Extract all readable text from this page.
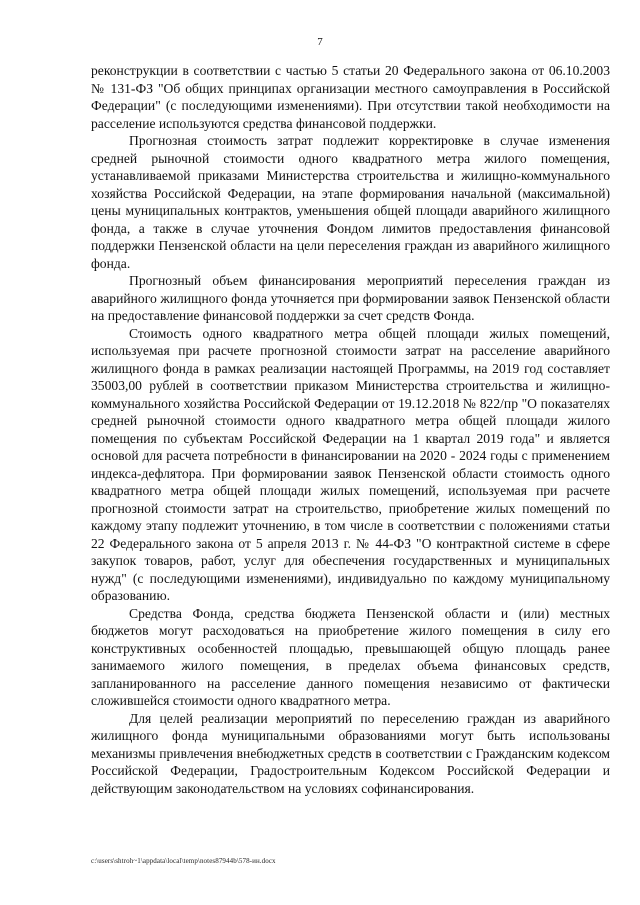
7

реконструкции в соответствии с частью 5 статьи 20 Федерального закона от 06.10.2003 № 131-ФЗ "Об общих принципах организации местного самоуправления в Российской Федерации" (с последующими изменениями). При отсутствии такой необходимости на расселение используются средства финансовой поддержки.

Прогнозная стоимость затрат подлежит корректировке в случае изменения средней рыночной стоимости одного квадратного метра жилого помещения, устанавливаемой приказами Министерства строительства и жилищно-коммунального хозяйства Российской Федерации, на этапе формирования начальной (максимальной) цены муниципальных контрактов, уменьшения общей площади аварийного жилищного фонда, а также в случае уточнения Фондом лимитов предоставления финансовой поддержки Пензенской области на цели переселения граждан из аварийного жилищного фонда.

Прогнозный объем финансирования мероприятий переселения граждан из аварийного жилищного фонда уточняется при формировании заявок Пензенской области на предоставление финансовой поддержки за счет средств Фонда.

Стоимость одного квадратного метра общей площади жилых помещений, используемая при расчете прогнозной стоимости затрат на расселение аварийного жилищного фонда в рамках реализации настоящей Программы, на 2019 год составляет 35003,00 рублей в соответствии приказом Министерства строительства и жилищно-коммунального хозяйства Российской Федерации от 19.12.2018 № 822/пр "О показателях средней рыночной стоимости одного квадратного метра общей площади жилого помещения по субъектам Российской Федерации на 1 квартал 2019 года" и является основой для расчета потребности в финансировании на 2020 - 2024 годы с применением индекса-дефлятора. При формировании заявок Пензенской области стоимость одного квадратного метра общей площади жилых помещений, используемая при расчете прогнозной стоимости затрат на строительство, приобретение жилых помещений по каждому этапу подлежит уточнению, в том числе в соответствии с положениями статьи 22 Федерального закона от 5 апреля 2013 г. № 44-ФЗ "О контрактной системе в сфере закупок товаров, работ, услуг для обеспечения государственных и муниципальных нужд" (с последующими изменениями), индивидуально по каждому муниципальному образованию.

Средства Фонда, средства бюджета Пензенской области и (или) местных бюджетов могут расходоваться на приобретение жилого помещения в силу его конструктивных особенностей площадью, превышающей общую площадь ранее занимаемого жилого помещения, в пределах объема финансовых средств, запланированного на расселение данного помещения независимо от фактически сложившейся стоимости одного квадратного метра.

Для целей реализации мероприятий по переселению граждан из аварийного жилищного фонда муниципальными образованиями могут быть использованы механизмы привлечения внебюджетных средств в соответствии с Гражданским кодексом Российской Федерации, Градостроительным Кодексом Российской Федерации и действующим законодательством на условиях софинансирования.

c:\users\shtroh~1\appdata\local\temp\notes87944b\578-ин.docx
